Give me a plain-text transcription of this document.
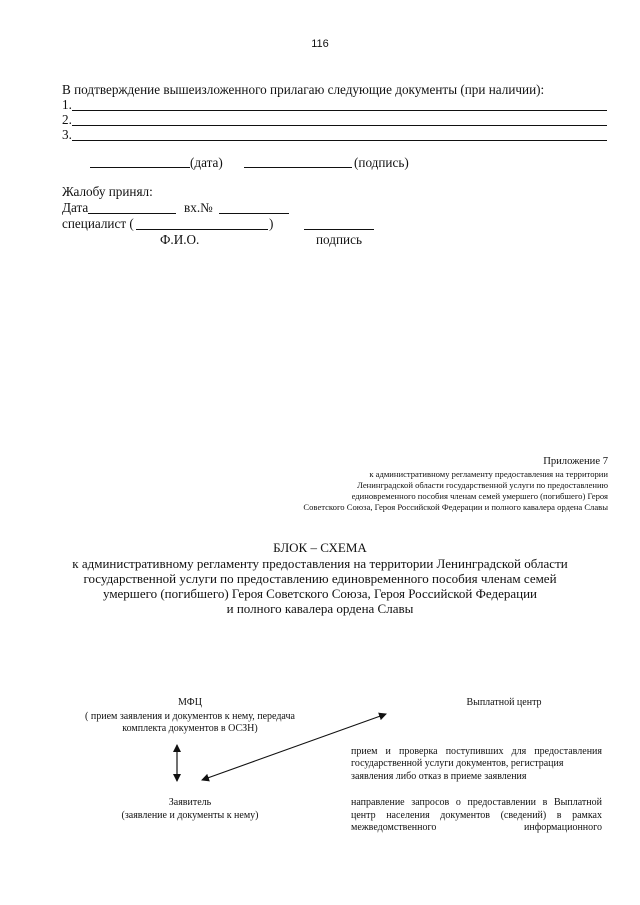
116
В подтверждение вышеизложенного прилагаю следующие документы (при наличии):
1.
2.
3.
(дата)	(подпись)
Жалобу принял:
Дата	вх.№
специалист (	)
Ф.И.О.	подпись
Приложение 7
к административному регламенту предоставления на территории
Ленинградской области государственной услуги по предоставлению
единовременного пособия членам семей умершего (погибшего) Героя
Советского Союза, Героя Российской Федерации и полного кавалера ордена Славы
БЛОК – СХЕМА
к административному регламенту предоставления на территории Ленинградской области
государственной услуги по предоставлению единовременного пособия членам семей
умершего (погибшего) Героя Советского Союза, Героя Российской Федерации
и полного кавалера ордена Славы
МФЦ
( прием заявления и документов к нему, передача
комплекта документов в ОСЗН)
Выплатной центр
Заявитель
(заявление и документы к нему)
прием и проверка поступивших для предоставления
государственной услуги документов, регистрация
заявления либо отказ в приеме заявления
направление запросов о предоставлении в Выплатной
центр населения документов (сведений) в рамках
межведомственного информационного
